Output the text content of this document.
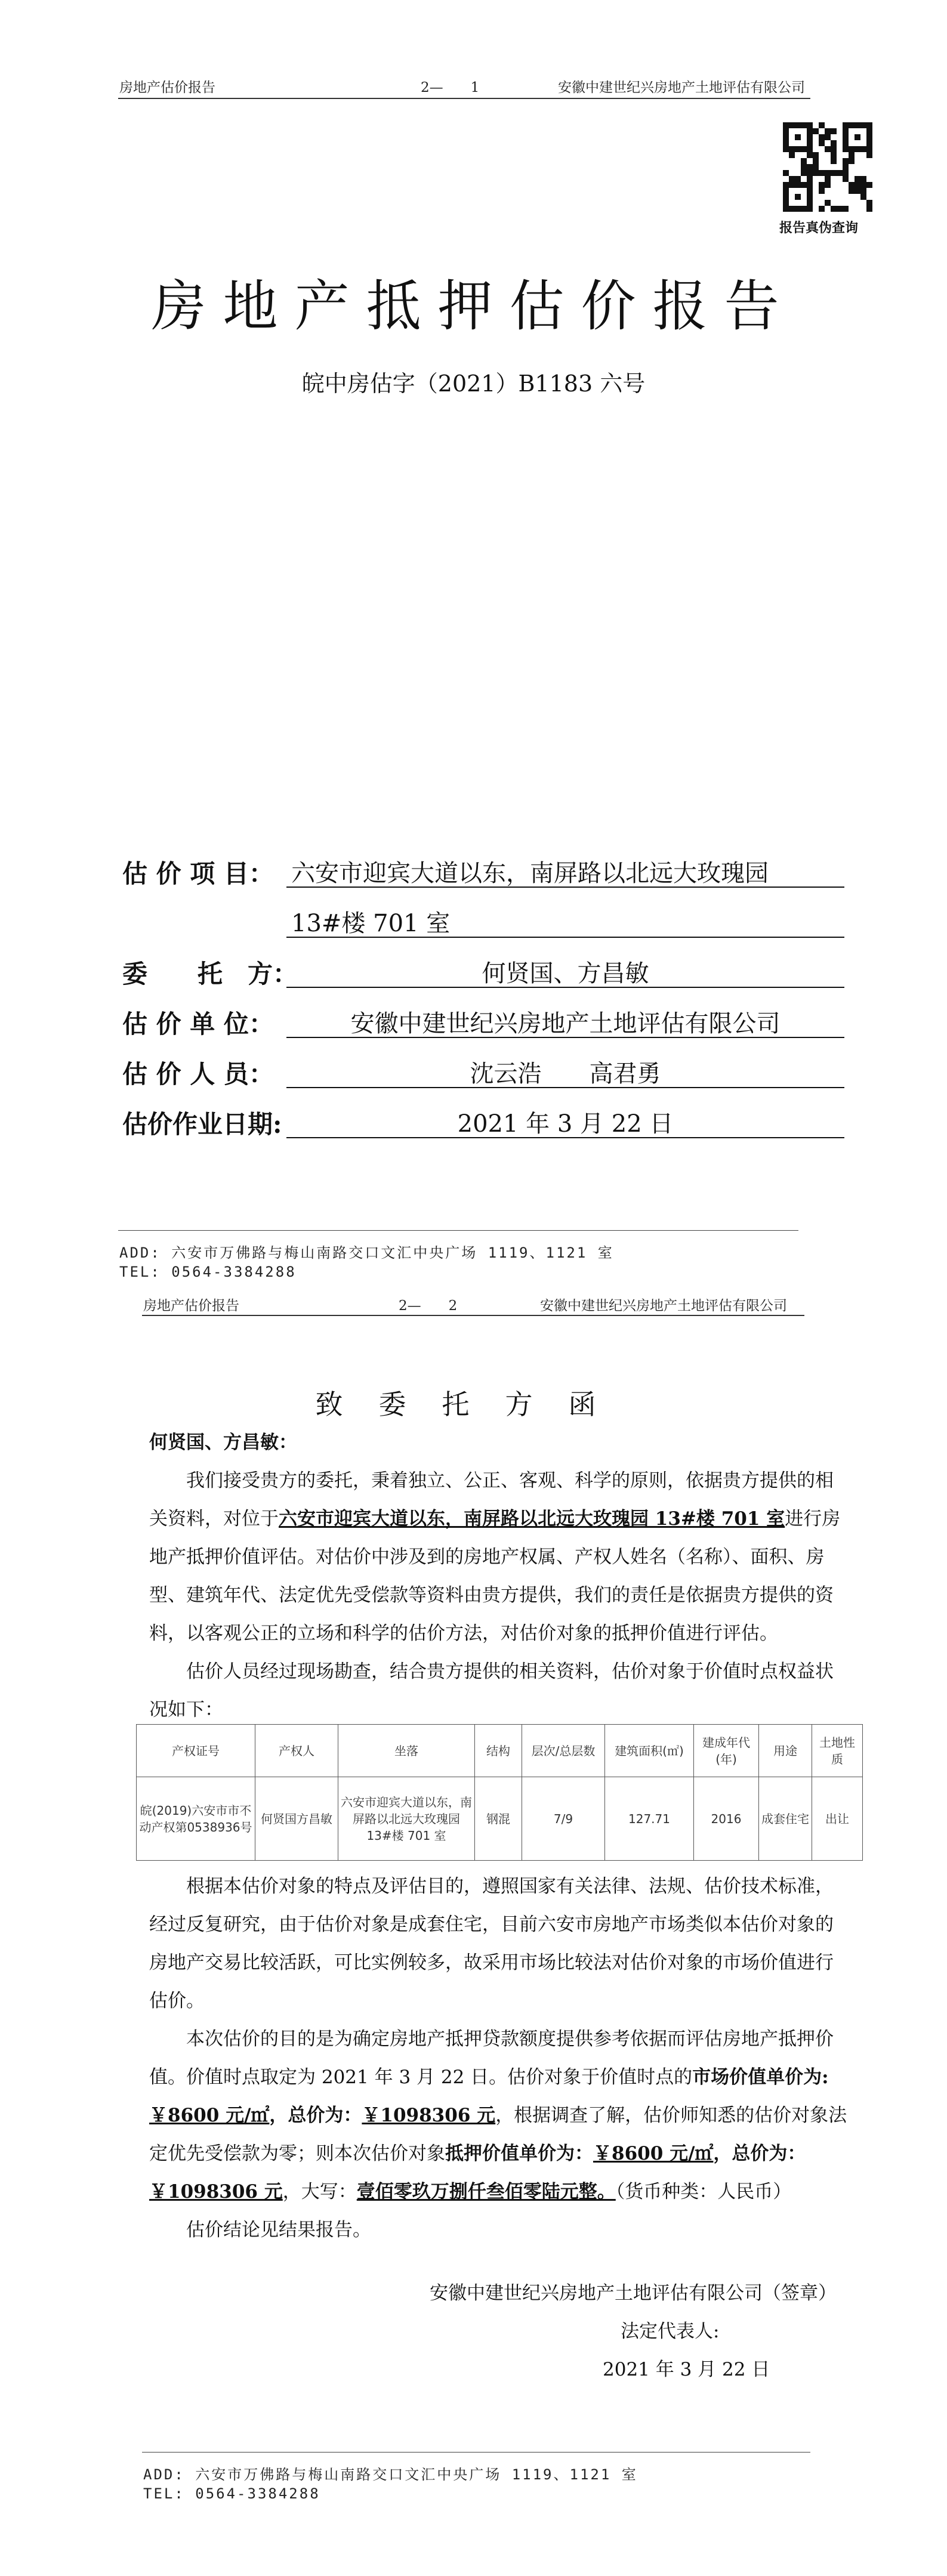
房地产估价报告	2—　　1	安徽中建世纪兴房地产土地评估有限公司
报告真伪查询
房地产抵押估价报告
皖中房估字（2021）B1183 六号
估 价 项 目： 六安市迎宾大道以东，南屏路以北远大玫瑰园
13#楼 701 室
委　　托　方：	何贤国、方昌敏
估 价 单 位：	安徽中建世纪兴房地产土地评估有限公司
估 价 人 员：	沈云浩　　高君勇
估价作业日期:	2021 年 3 月 22 日
ADD: 六安市万佛路与梅山南路交口文汇中央广场 1119、1121 室
TEL: 0564-3384288
房地产估价报告	2—　　2	安徽中建世纪兴房地产土地评估有限公司
致委托方函
何贤国、方昌敏：

我们接受贵方的委托，秉着独立、公正、客观、科学的原则，依据贵方提供的相关资料，对位于六安市迎宾大道以东，南屏路以北远大玫瑰园 13#楼 701 室进行房地产抵押价值评估。对估价中涉及到的房地产权属、产权人姓名（名称）、面积、房型、建筑年代、法定优先受偿款等资料由贵方提供，我们的责任是依据贵方提供的资料，以客观公正的立场和科学的估价方法，对估价对象的抵押价值进行评估。

估价人员经过现场勘查，结合贵方提供的相关资料，估价对象于价值时点权益状况如下：

产权证号	产权人	坐落	结构	层次/总层数	建筑面积(㎡)	建成年代(年)	用途	土地性质
皖(2019)六安市市不动产权第0538936号	何贤国方昌敏	六安市迎宾大道以东，南屏路以北远大玫瑰园 13#楼 701 室	钢混	7/9	127.71	2016	成套住宅	出让

根据本估价对象的特点及评估目的，遵照国家有关法律、法规、估价技术标准，经过反复研究，由于估价对象是成套住宅，目前六安市房地产市场类似本估价对象的房地产交易比较活跃，可比实例较多，故采用市场比较法对估价对象的市场价值进行估价。

本次估价的目的是为确定房地产抵押贷款额度提供参考依据而评估房地产抵押价值。价值时点取定为 2021 年 3 月 22 日。估价对象于价值时点的市场价值单价为:￥8600 元/㎡，总价为：￥1098306 元，根据调查了解，估价师知悉的估价对象法定优先受偿款为零；则本次估价对象抵押价值单价为：￥8600 元/㎡，总价为：￥1098306 元，大写：壹佰零玖万捌仟叁佰零陆元整。（货币种类：人民币）

估价结论见结果报告。

安徽中建世纪兴房地产土地评估有限公司（签章）
法定代表人:
2021 年 3 月 22 日
ADD: 六安市万佛路与梅山南路交口文汇中央广场 1119、1121 室
TEL: 0564-3384288
